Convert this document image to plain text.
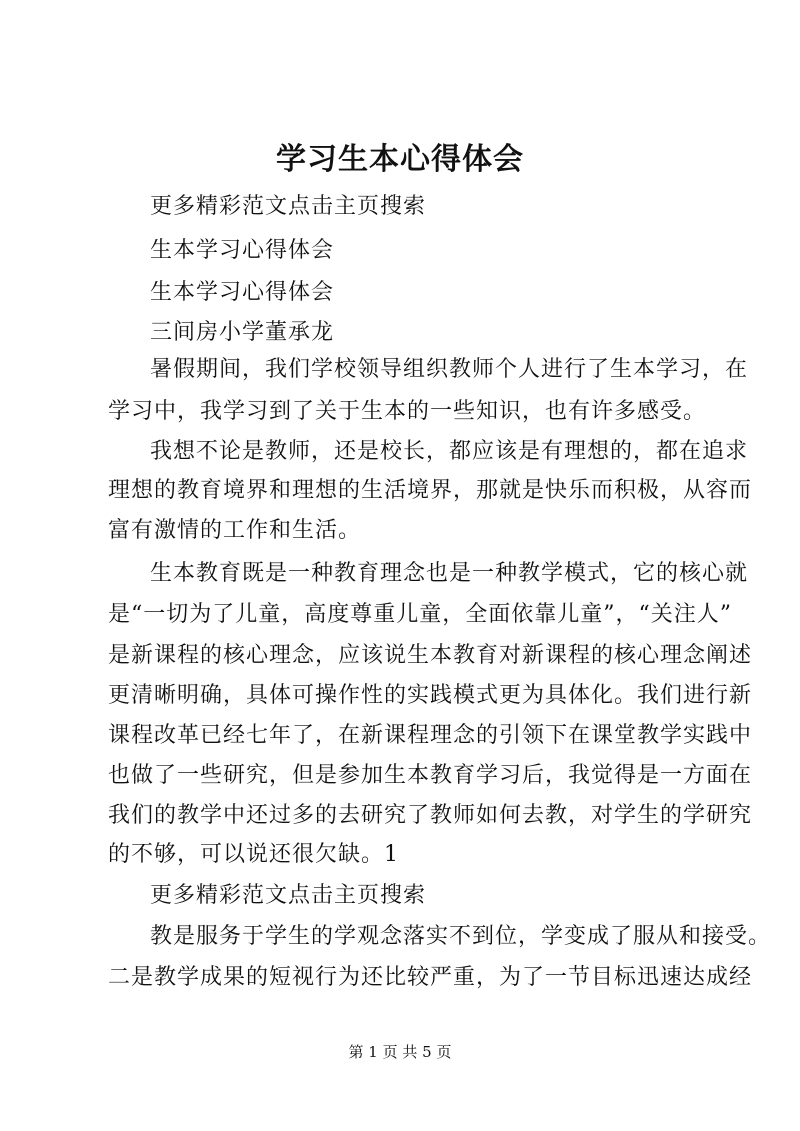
学习生本心得体会
更多精彩范文点击主页搜索
生本学习心得体会
生本学习心得体会
三间房小学董承龙
暑假期间，我们学校领导组织教师个人进行了生本学习，在
学习中，我学习到了关于生本的一些知识，也有许多感受。
我想不论是教师，还是校长，都应该是有理想的，都在追求
理想的教育境界和理想的生活境界，那就是快乐而积极，从容而
富有激情的工作和生活。
生本教育既是一种教育理念也是一种教学模式，它的核心就
是“一切为了儿童，高度尊重儿童，全面依靠儿童”，“关注人”
是新课程的核心理念，应该说生本教育对新课程的核心理念阐述
更清晰明确，具体可操作性的实践模式更为具体化。我们进行新
课程改革已经七年了，在新课程理念的引领下在课堂教学实践中
也做了一些研究，但是参加生本教育学习后，我觉得是一方面在
我们的教学中还过多的去研究了教师如何去教，对学生的学研究
的不够，可以说还很欠缺。1
更多精彩范文点击主页搜索
教是服务于学生的学观念落实不到位，学变成了服从和接受。
二是教学成果的短视行为还比较严重，为了一节目标迅速达成经
第 1 页 共 5 页
